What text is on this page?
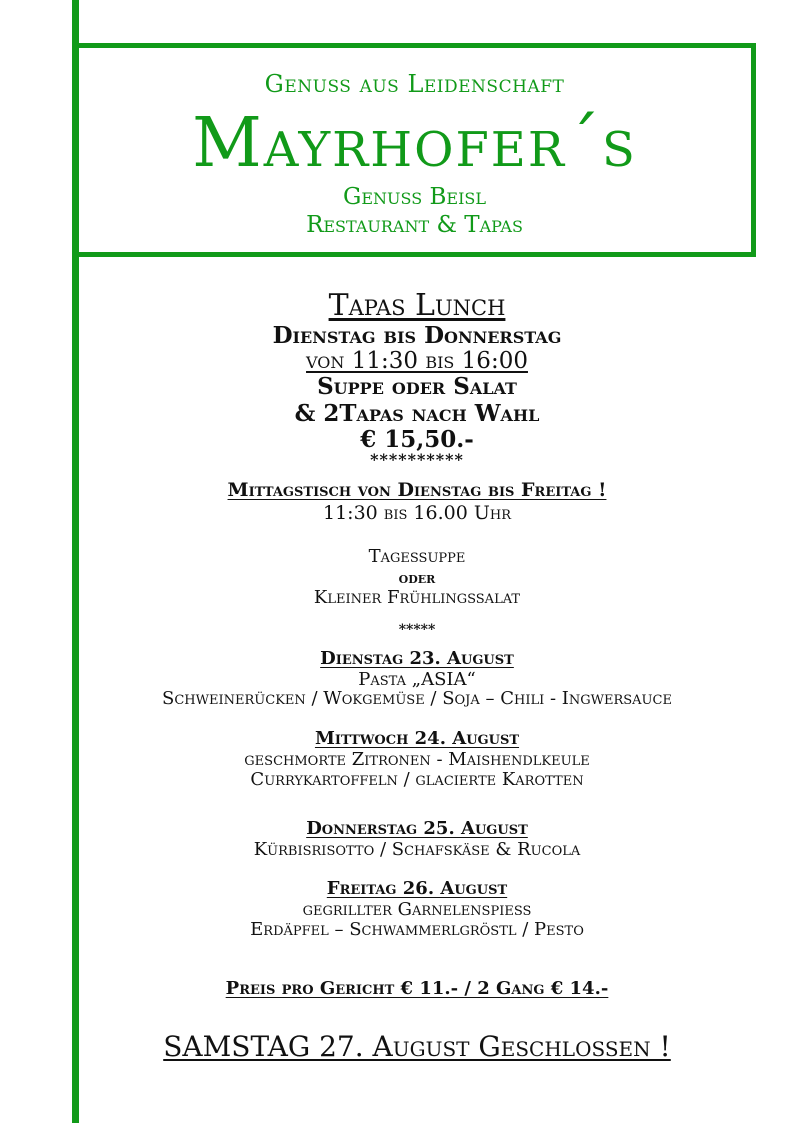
Genuss aus Leidenschaft
Mayrhofer´s
Genuss Beisl
Restaurant & Tapas
Tapas Lunch
Dienstag bis Donnerstag
von 11:30 bis 16:00
Suppe oder Salat
& 2Tapas nach Wahl
€ 15,50.-
**********
Mittagstisch von Dienstag bis Freitag !
11:30 bis 16.00 Uhr
Tagessuppe
oder
Kleiner Frühlingssalat
*****
Dienstag 23. August
Pasta „ASIA“
Schweinerücken / Wokgemüse / Soja – Chili - Ingwersauce
Mittwoch 24. August
geschmorte Zitronen - Maishendlkeule
Currykartoffeln / glacierte Karotten
Donnerstag 25. August
Kürbisrisotto / Schafskäse & Rucola
Freitag 26. August
gegrillter Garnelenspiess
Erdäpfel – Schwammerlgröstl / Pesto
Preis pro Gericht € 11.- / 2 Gang € 14.-
SAMSTAG 27. August Geschlossen !
